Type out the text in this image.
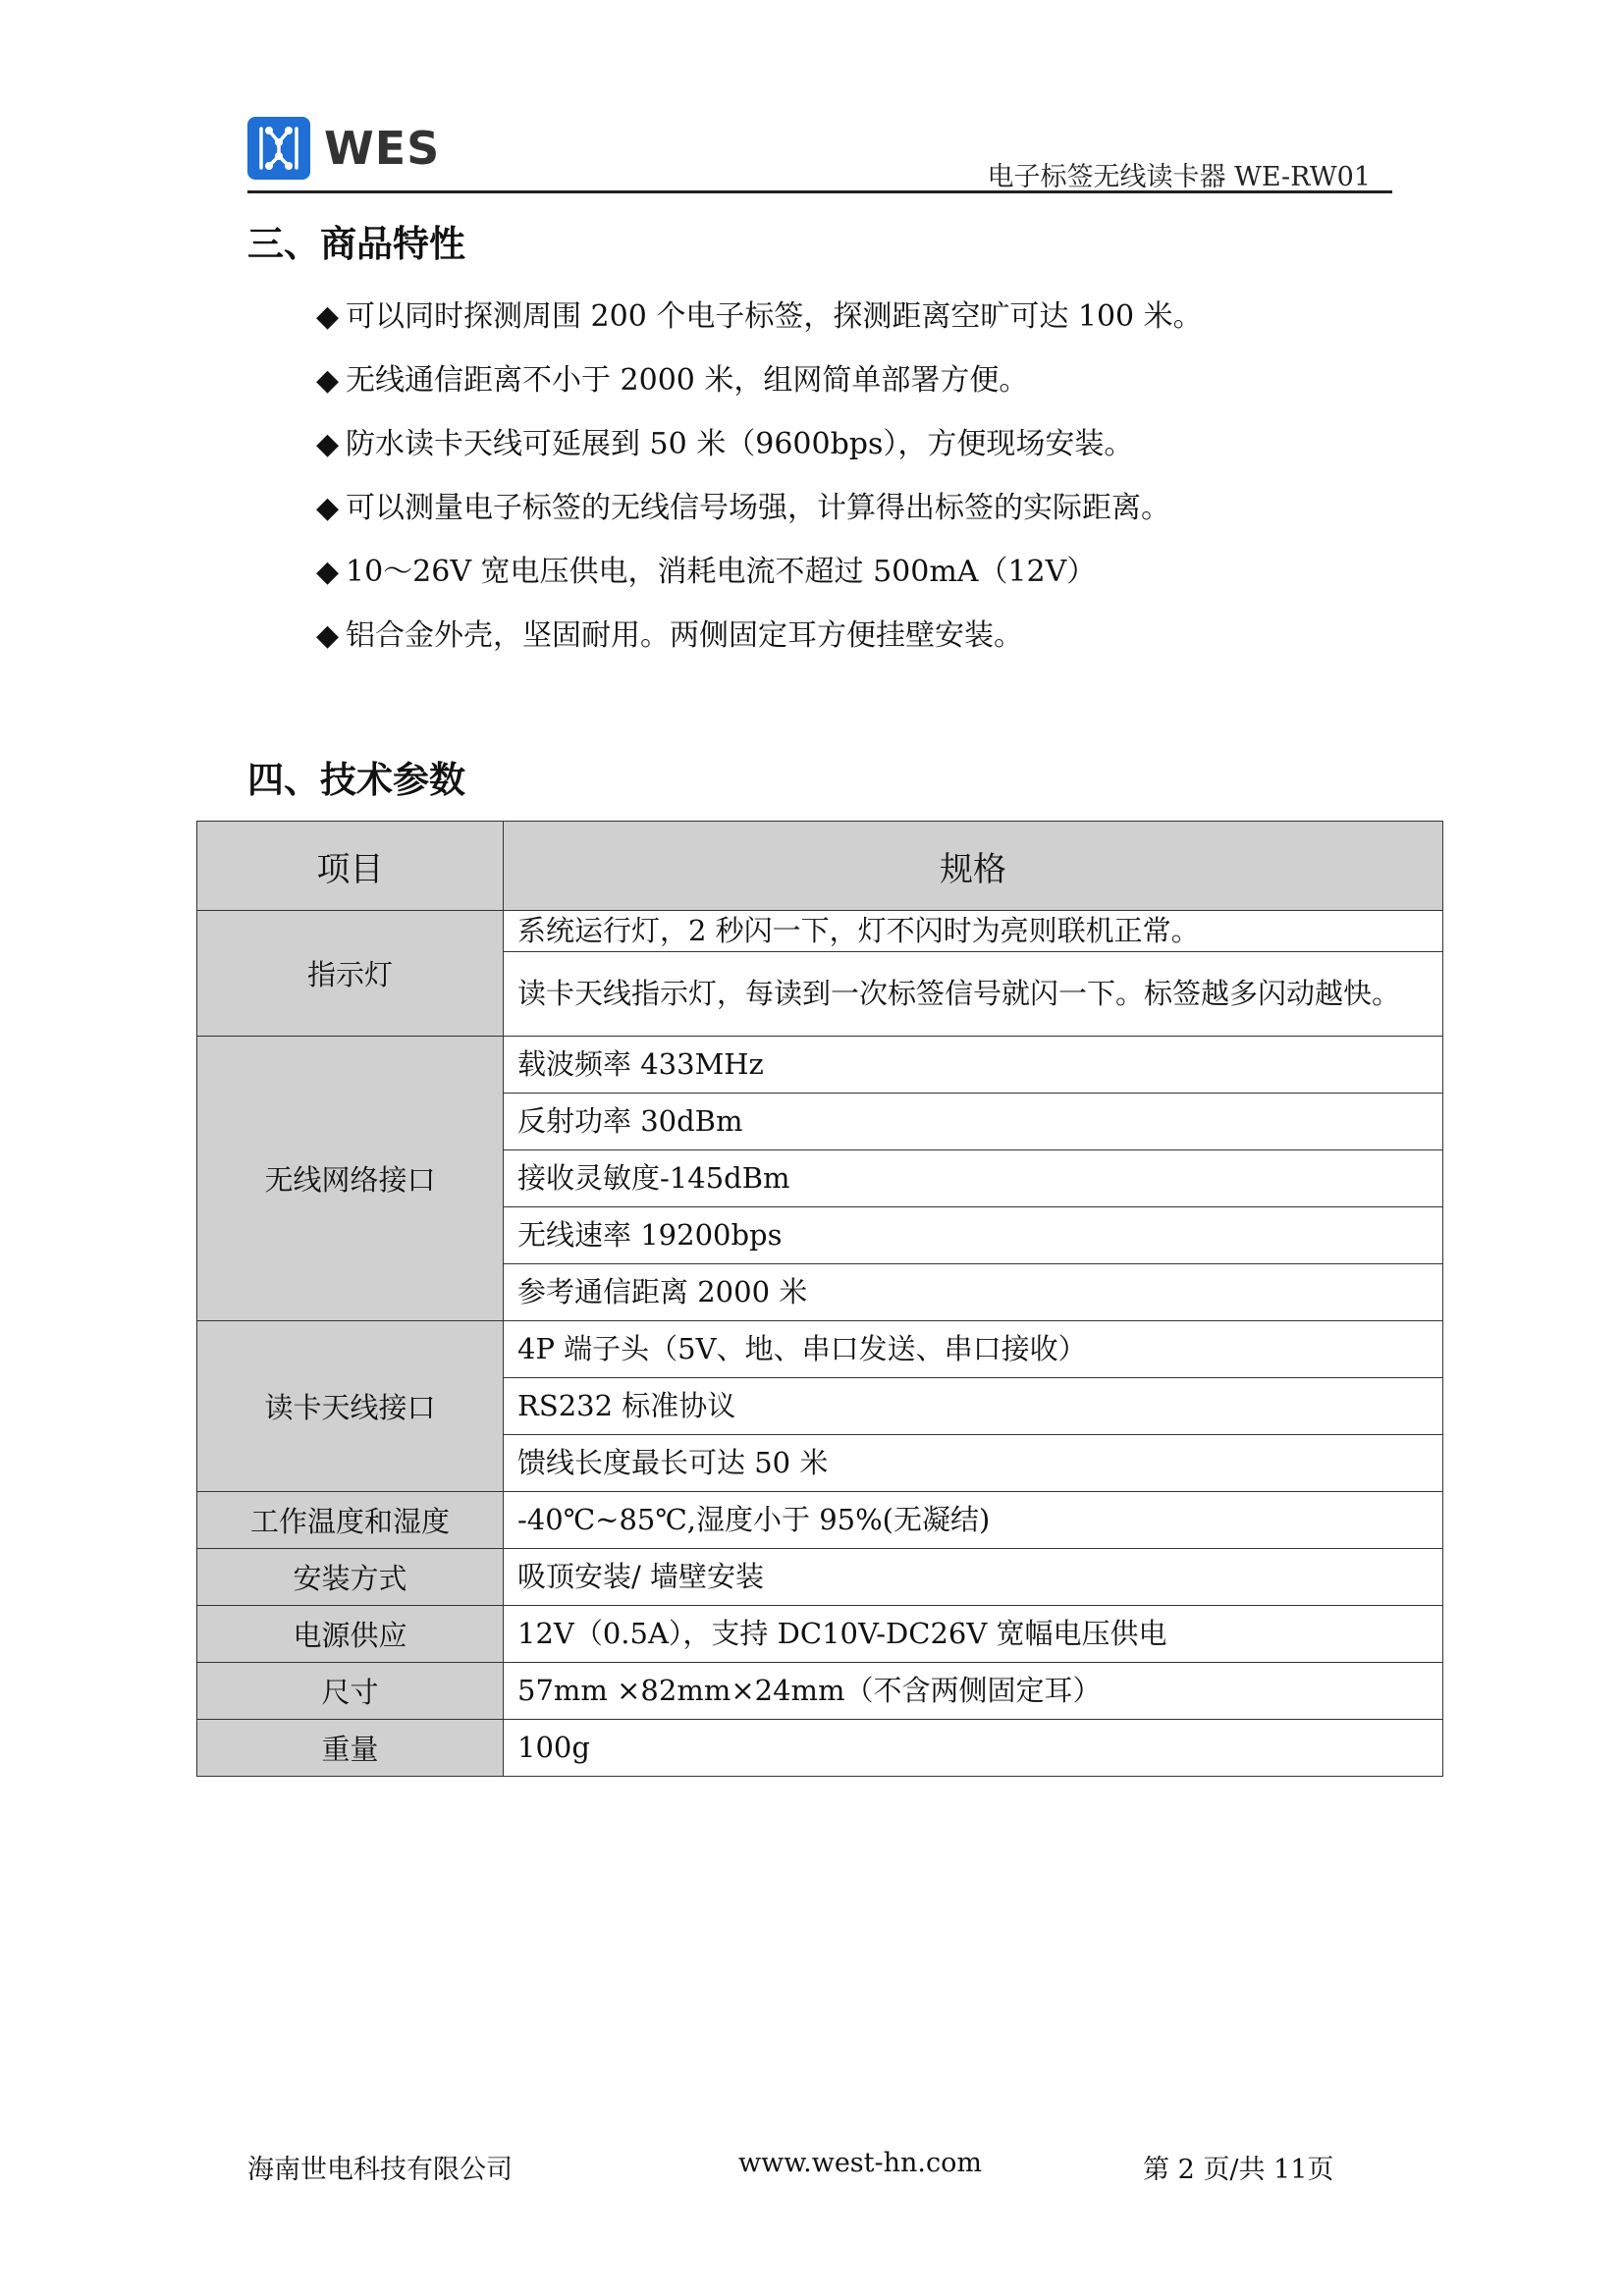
WES
电子标签无线读卡器 WE-RW01
三、商品特性
◆ 可以同时探测周围 200 个电子标签，探测距离空旷可达 100 米。
◆ 无线通信距离不小于 2000 米，组网简单部署方便。
◆ 防水读卡天线可延展到 50 米（9600bps），方便现场安装。
◆ 可以测量电子标签的无线信号场强，计算得出标签的实际距离。
◆ 10～26V 宽电压供电，消耗电流不超过 500mA（12V）
◆ 铝合金外壳，坚固耐用。两侧固定耳方便挂壁安装。
四、技术参数
项目	规格
指示灯	系统运行灯，2 秒闪一下，灯不闪时为亮则联机正常。
	读卡天线指示灯，每读到一次标签信号就闪一下。标签越多闪动越快。
无线网络接口	载波频率 433MHz
	反射功率 30dBm
	接收灵敏度-145dBm
	无线速率 19200bps
	参考通信距离 2000 米
读卡天线接口	4P 端子头（5V、地、串口发送、串口接收）
	RS232 标准协议
	馈线长度最长可达 50 米
工作温度和湿度	-40℃~85℃,湿度小于 95%(无凝结)
安装方式	吸顶安装/ 墙壁安装
电源供应	12V（0.5A），支持 DC10V-DC26V 宽幅电压供电
尺寸	57mm ×82mm×24mm（不含两侧固定耳）
重量	100g
海南世电科技有限公司	www.west-hn.com	第 2 页/共 11页
